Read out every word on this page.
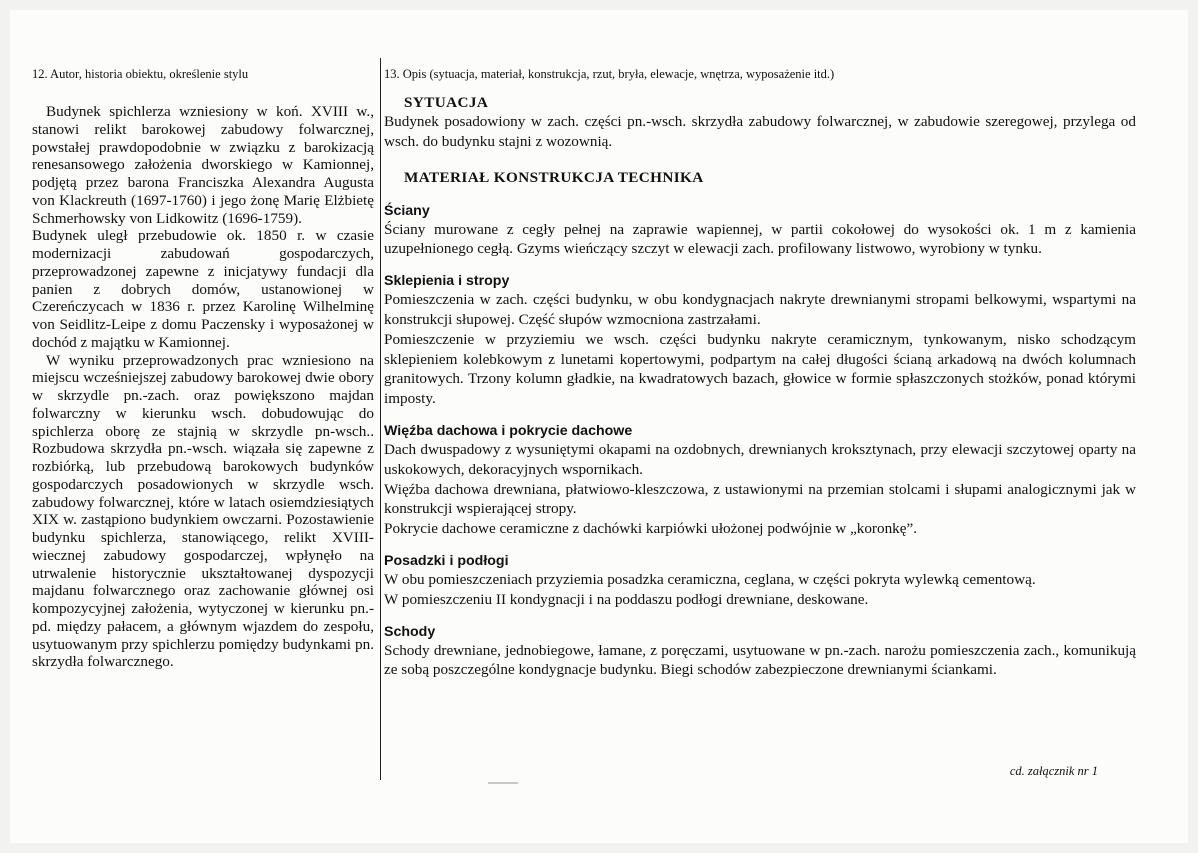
12. Autor, historia obiektu, określenie stylu

Budynek spichlerza wzniesiony w koń. XVIII w., stanowi relikt barokowej zabudowy folwarcznej, powstałej prawdopodobnie w związku z barokizacją renesansowego założenia dworskiego w Kamionnej, podjętą przez barona Franciszka Alexandra Augusta von Klackreuth (1697-1760) i jego żonę Marię Elżbietę Schmerhowsky von Lidkowitz (1696-1759).

Budynek uległ przebudowie ok. 1850 r. w czasie modernizacji zabudowań gospodarczych, przeprowadzonej zapewne z inicjatywy fundacji dla panien z dobrych domów, ustanowionej w Czereńczycach w 1836 r. przez Karolinę Wilhelminę von Seidlitz-Leipe z domu Paczensky i wyposażonej w dochód z majątku w Kamionnej.

W wyniku przeprowadzonych prac wzniesiono na miejscu wcześniejszej zabudowy barokowej dwie obory w skrzydle pn.-zach. oraz powiększono majdan folwarczny w kierunku wsch. dobudowując do spichlerza oborę ze stajnią w skrzydle pn-wsch.. Rozbudowa skrzydła pn.-wsch. wiązała się zapewne z rozbiórką, lub przebudową barokowych budynków gospodarczych posadowionych w skrzydle wsch. zabudowy folwarcznej, które w latach osiemdziesiątych XIX w. zastąpiono budynkiem owczarni. Pozostawienie budynku spichlerza, stanowiącego, relikt XVIII-wiecznej zabudowy gospodarczej, wpłynęło na utrwalenie historycznie ukształtowanej dyspozycji majdanu folwarcznego oraz zachowanie głównej osi kompozycyjnej założenia, wytyczonej w kierunku pn.-pd. między pałacem, a głównym wjazdem do zespołu, usytuowanym przy spichlerzu pomiędzy budynkami pn. skrzydła folwarcznego.

13. Opis (sytuacja, materiał, konstrukcja, rzut, bryła, elewacje, wnętrza, wyposażenie itd.)
SYTUACJA
Budynek posadowiony w zach. części pn.-wsch. skrzydła zabudowy folwarcznej, w zabudowie szeregowej, przylega od wsch. do budynku stajni z wozownią.
MATERIAŁ KONSTRUKCJA TECHNIKA
Ściany
Ściany murowane z cegły pełnej na zaprawie wapiennej, w partii cokołowej do wysokości ok. 1 m z kamienia uzupełnionego cegłą. Gzyms wieńczący szczyt w elewacji zach. profilowany listwowo, wyrobiony w tynku.
Sklepienia i stropy

Pomieszczenia w zach. części budynku, w obu kondygnacjach nakryte drewnianymi stropami belkowymi, wspartymi na konstrukcji słupowej. Część słupów wzmocniona zastrzałami.

Pomieszczenie w przyziemiu we wsch. części budynku nakryte ceramicznym, tynkowanym, nisko schodzącym sklepieniem kolebkowym z lunetami kopertowymi, podpartym na całej długości ścianą arkadową na dwóch kolumnach granitowych. Trzony kolumn gładkie, na kwadratowych bazach, głowice w formie spłaszczonych stożków, ponad którymi imposty.

Więźba dachowa i pokrycie dachowe

Dach dwuspadowy z wysuniętymi okapami na ozdobnych, drewnianych kroksztynach, przy elewacji szczytowej oparty na uskokowych, dekoracyjnych wspornikach.

Więźba dachowa drewniana, płatwiowo-kleszczowa, z ustawionymi na przemian stolcami i słupami analogicznymi jak w konstrukcji wspierającej stropy.

Pokrycie dachowe ceramiczne z dachówki karpiówki ułożonej podwójnie w „koronkę”.

Posadzki i podłogi

W obu pomieszczeniach przyziemia posadzka ceramiczna, ceglana, w części pokryta wylewką cementową.

W pomieszczeniu II kondygnacji i na poddaszu podłogi drewniane, deskowane.

Schody
Schody drewniane, jednobiegowe, łamane, z poręczami, usytuowane w pn.-zach. narożu pomieszczenia zach., komunikują ze sobą poszczególne kondygnacje budynku. Biegi schodów zabezpieczone drewnianymi ściankami.
cd. załącznik nr 1
